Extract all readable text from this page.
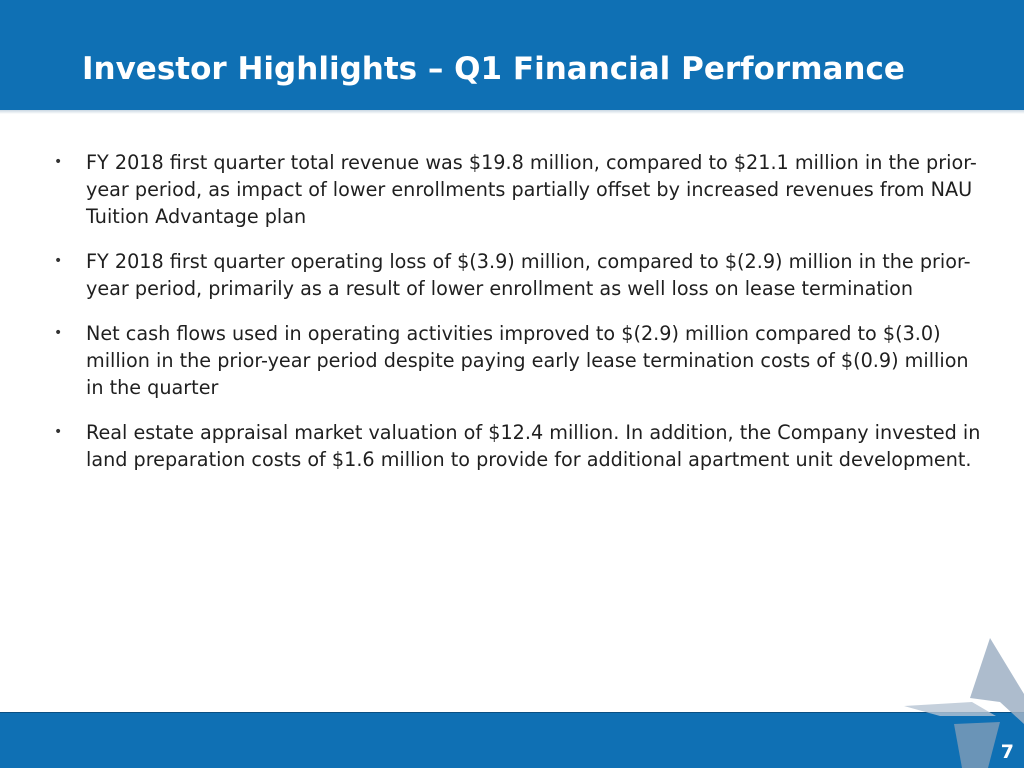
Investor Highlights – Q1 Financial Performance
• FY 2018 first quarter total revenue was $19.8 million, compared to $21.1 million in the prior-year period, as impact of lower enrollments partially offset by increased revenues from NAU Tuition Advantage plan
• FY 2018 first quarter operating loss of $(3.9) million, compared to $(2.9) million in the prior-year period, primarily as a result of lower enrollment as well loss on lease termination
• Net cash flows used in operating activities improved to $(2.9) million compared to $(3.0) million in the prior-year period despite paying early lease termination costs of $(0.9) million in the quarter
• Real estate appraisal market valuation of $12.4 million. In addition, the Company invested in land preparation costs of $1.6 million to provide for additional apartment unit development.
7
